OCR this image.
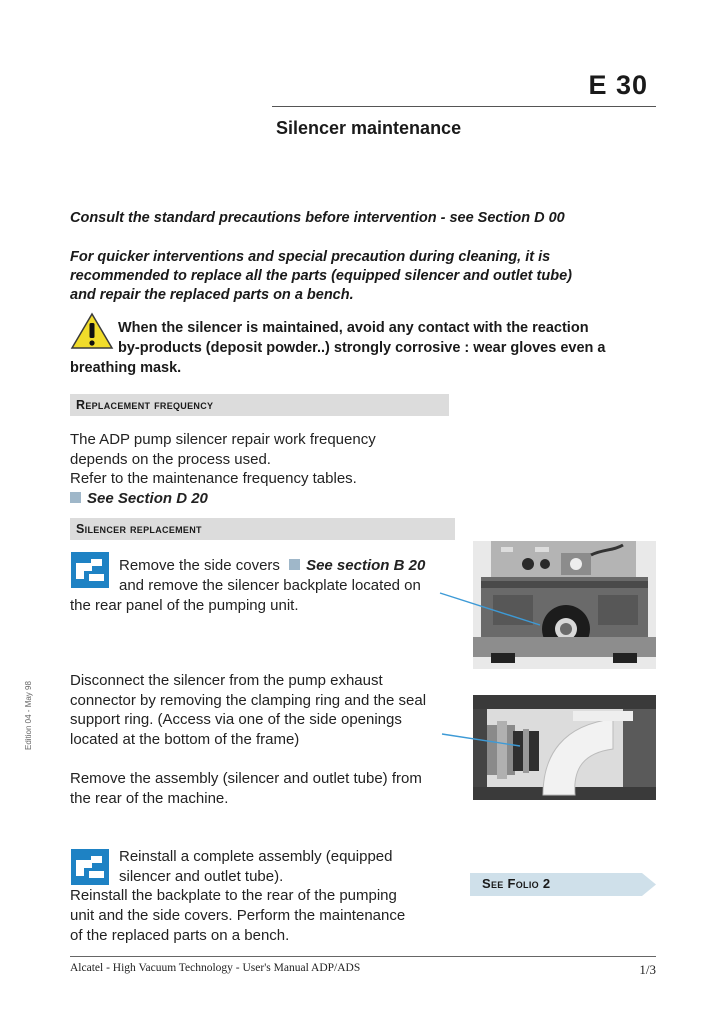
E 30
Silencer maintenance
Consult the standard precautions before intervention - see Section D 00
For quicker interventions and special precaution during cleaning, it is
recommended to replace all the parts (equipped silencer and outlet tube)
and repair the replaced parts on a bench.
When the silencer is maintained, avoid any contact with the reaction
by-products (deposit powder..) strongly corrosive : wear gloves even a
breathing mask.
Replacement frequency
The ADP pump silencer repair work frequency
depends on the process used.
Refer to the maintenance frequency tables.
See Section D 20
Silencer replacement
Remove the side covers See section B 20
and remove the silencer backplate located on
the rear panel of the pumping unit.
Disconnect the silencer from the pump exhaust
connector by removing the clamping ring and the seal
support ring. (Access via one of the side openings
located at the bottom of the frame)
Remove the assembly (silencer and outlet tube) from
the rear of the machine.
Reinstall a complete assembly (equipped
silencer and outlet tube).
Reinstall the backplate to the rear of the pumping
unit and the side covers. Perform the maintenance
of the replaced parts on a bench.
See Folio 2
Edition 04 - May 98
Alcatel - High Vacuum Technology - User's Manual ADP/ADS	1/3
